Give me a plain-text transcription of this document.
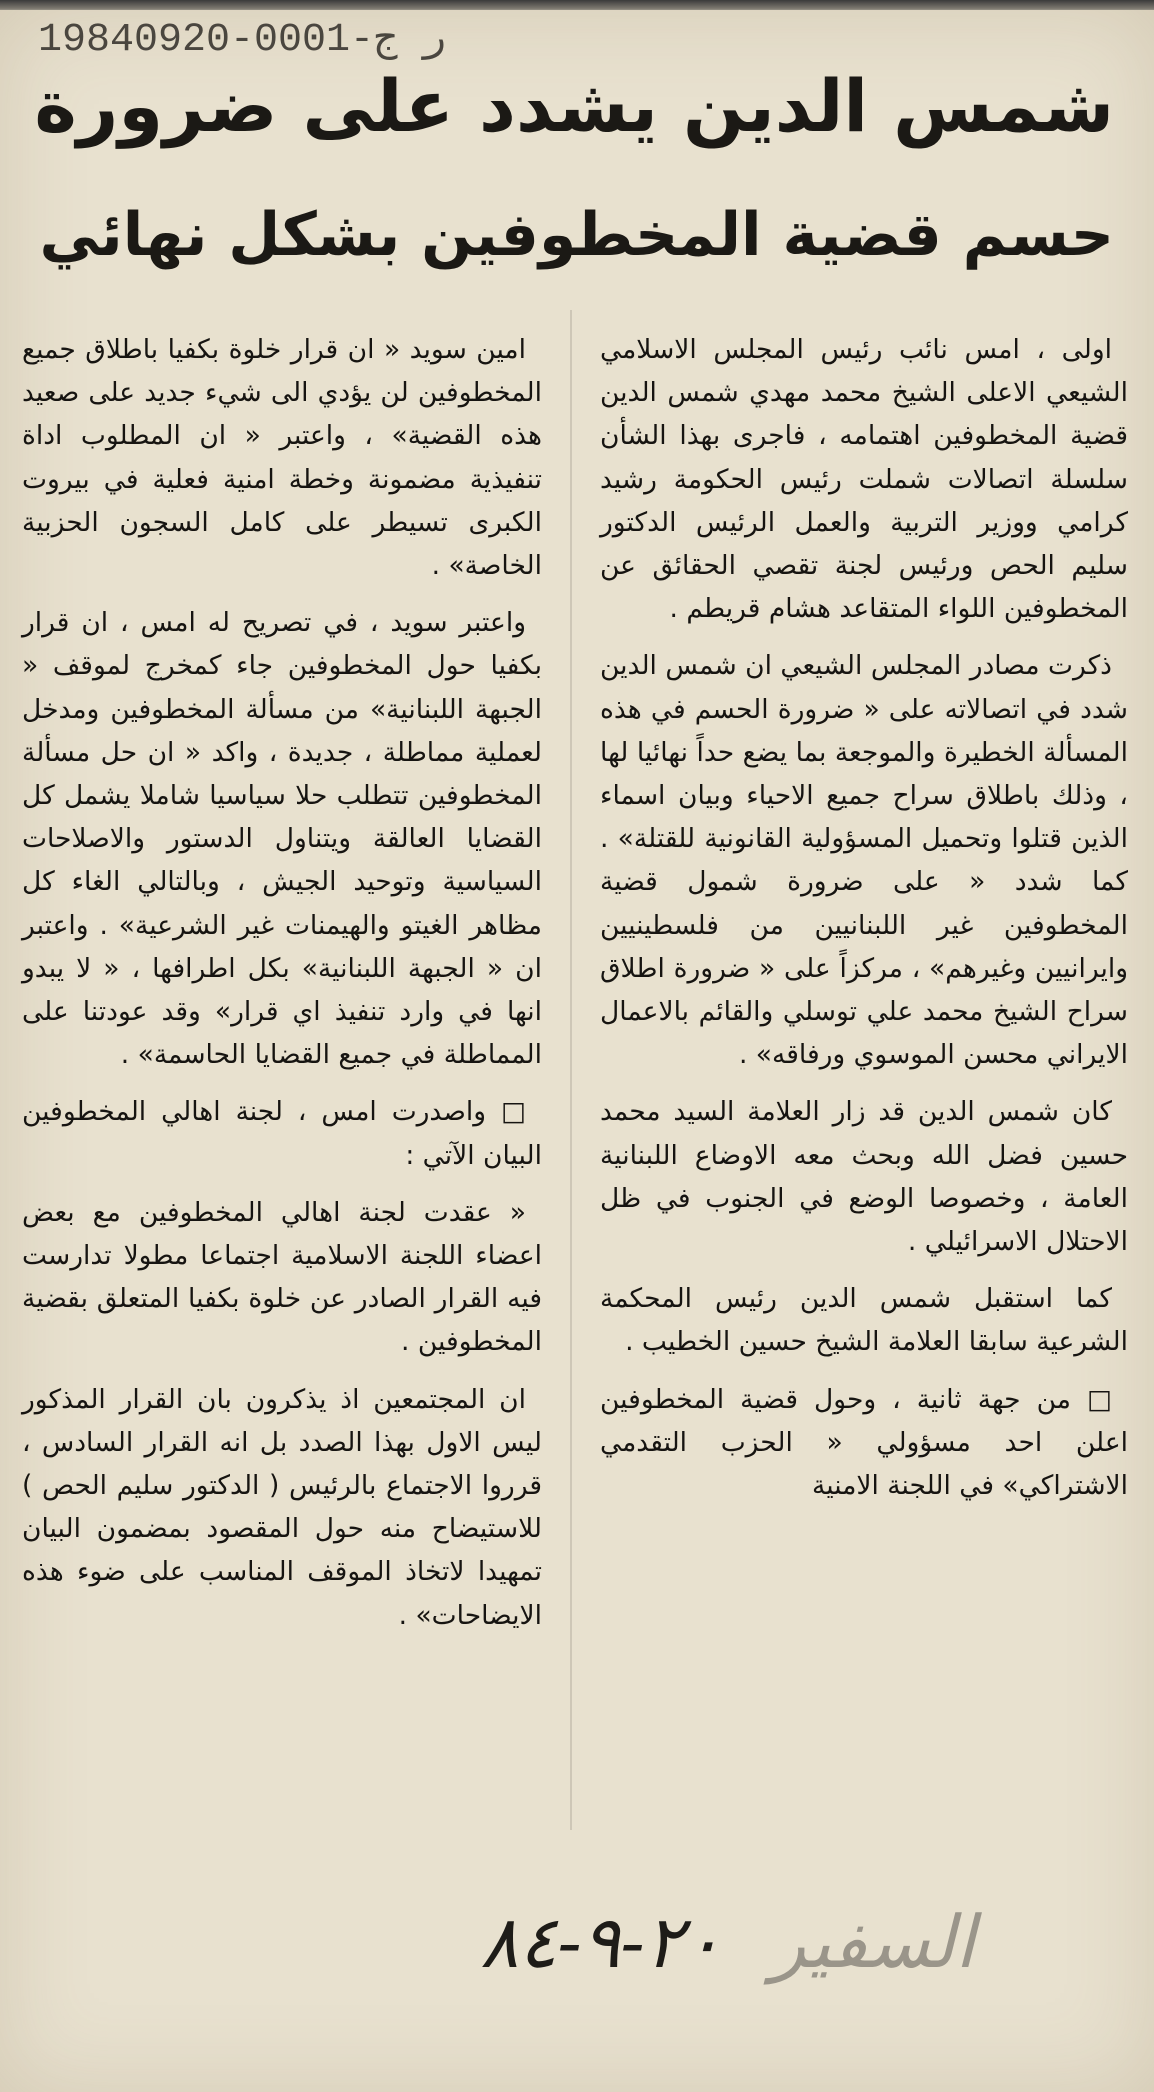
19840920-0001-ر ج
شمس الدين يشدد على ضرورة
حسم قضية المخطوفين بشكل نهائي

اولى ، امس نائب رئيس المجلس الاسلامي الشيعي الاعلى الشيخ محمد مهدي شمس الدين قضية المخطوفين اهتمامه ، فاجرى بهذا الشأن سلسلة اتصالات شملت رئيس الحكومة رشيد كرامي ووزير التربية والعمل الرئيس الدكتور سليم الحص ورئيس لجنة تقصي الحقائق عن المخطوفين اللواء المتقاعد هشام قريطم .

ذكرت مصادر المجلس الشيعي ان شمس الدين شدد في اتصالاته على « ضرورة الحسم في هذه المسألة الخطيرة والموجعة بما يضع حداً نهائيا لها ، وذلك باطلاق سراح جميع الاحياء وبيان اسماء الذين قتلوا وتحميل المسؤولية القانونية للقتلة» . كما شدد « على ضرورة شمول قضية المخطوفين غير اللبنانيين من فلسطينيين وايرانيين وغيرهم» ، مركزاً على « ضرورة اطلاق سراح الشيخ محمد علي توسلي والقائم بالاعمال الايراني محسن الموسوي ورفاقه» .

كان شمس الدين قد زار العلامة السيد محمد حسين فضل الله وبحث معه الاوضاع اللبنانية العامة ، وخصوصا الوضع في الجنوب في ظل الاحتلال الاسرائيلي .

كما استقبل شمس الدين رئيس المحكمة الشرعية سابقا العلامة الشيخ حسين الخطيب .

□ من جهة ثانية ، وحول قضية المخطوفين اعلن احد مسؤولي « الحزب التقدمي الاشتراكي» في اللجنة الامنية

امين سويد « ان قرار خلوة بكفيا باطلاق جميع المخطوفين لن يؤدي الى شيء جديد على صعيد هذه القضية» ، واعتبر « ان المطلوب اداة تنفيذية مضمونة وخطة امنية فعلية في بيروت الكبرى تسيطر على كامل السجون الحزبية الخاصة» .

واعتبر سويد ، في تصريح له امس ، ان قرار بكفيا حول المخطوفين جاء كمخرج لموقف « الجبهة اللبنانية» من مسألة المخطوفين ومدخل لعملية مماطلة ، جديدة ، واكد « ان حل مسألة المخطوفين تتطلب حلا سياسيا شاملا يشمل كل القضايا العالقة ويتناول الدستور والاصلاحات السياسية وتوحيد الجيش ، وبالتالي الغاء كل مظاهر الغيتو والهيمنات غير الشرعية» . واعتبر ان « الجبهة اللبنانية» بكل اطرافها ، « لا يبدو انها في وارد تنفيذ اي قرار» وقد عودتنا على المماطلة في جميع القضايا الحاسمة» .

□ واصدرت امس ، لجنة اهالي المخطوفين البيان الآتي :

« عقدت لجنة اهالي المخطوفين مع بعض اعضاء اللجنة الاسلامية اجتماعا مطولا تدارست فيه القرار الصادر عن خلوة بكفيا المتعلق بقضية المخطوفين .

ان المجتمعين اذ يذكرون بان القرار المذكور ليس الاول بهذا الصدد بل انه القرار السادس ، قرروا الاجتماع بالرئيس ( الدكتور سليم الحص ) للاستيضاح منه حول المقصود بمضمون البيان تمهيدا لاتخاذ الموقف المناسب على ضوء هذه الايضاحات» .

السفير ٢٠-٩-٨٤
